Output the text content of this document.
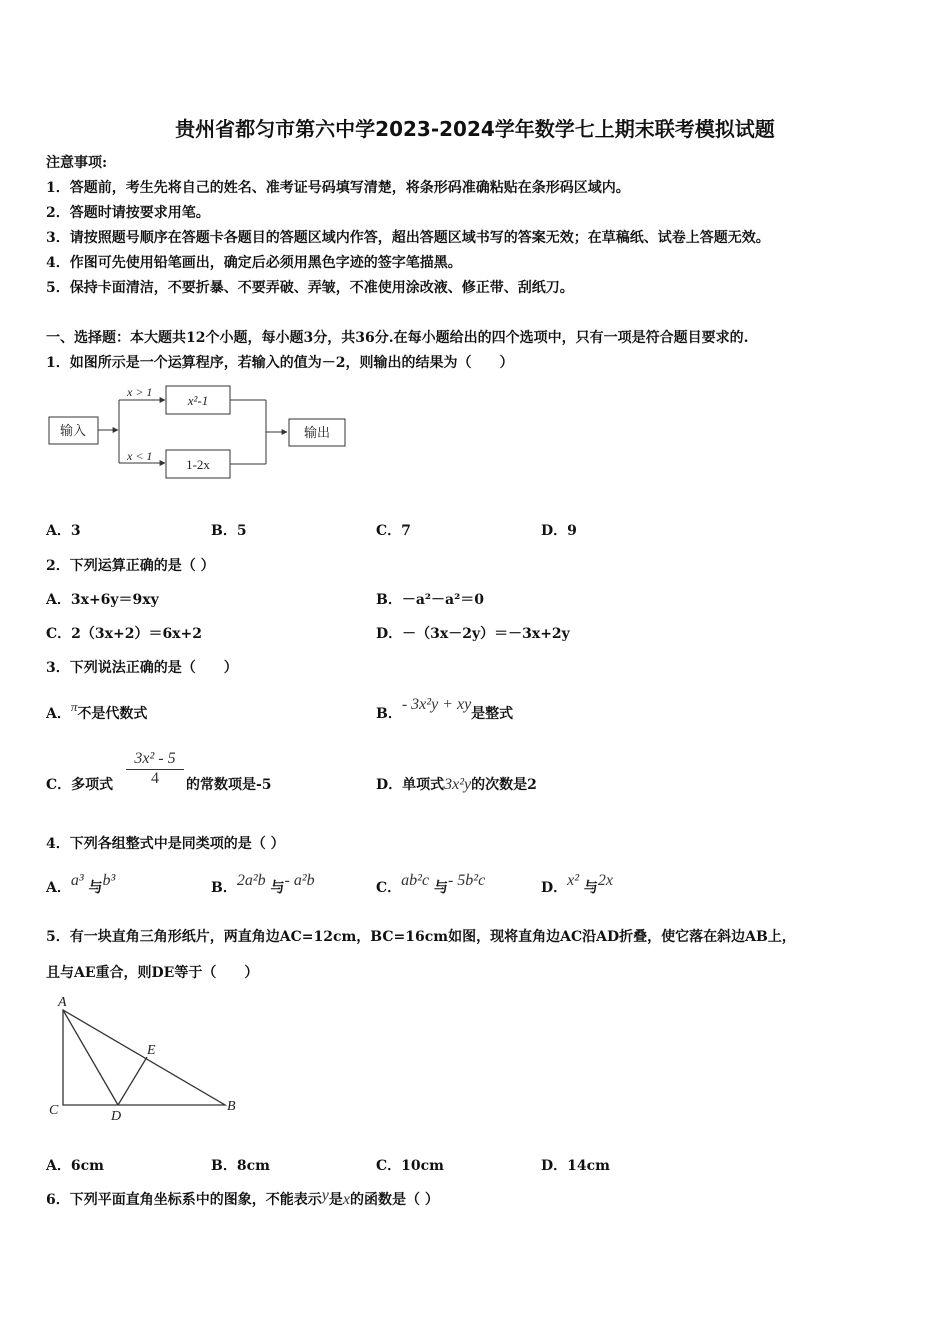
贵州省都匀市第六中学2023-2024学年数学七上期末联考模拟试题
注意事项:
1．答题前，考生先将自己的姓名、准考证号码填写清楚，将条形码准确粘贴在条形码区域内。
2．答题时请按要求用笔。
3．请按照题号顺序在答题卡各题目的答题区域内作答，超出答题区域书写的答案无效；在草稿纸、试卷上答题无效。
4．作图可先使用铅笔画出，确定后必须用黑色字迹的签字笔描黑。
5．保持卡面清洁，不要折暴、不要弄破、弄皱，不准使用涂改液、修正带、刮纸刀。
一、选择题：本大题共12个小题，每小题3分，共36分.在每小题给出的四个选项中，只有一项是符合题目要求的.
1．如图所示是一个运算程序，若输入的值为－2，则输出的结果为（　　）
输入
x > 1
x < 1
x²-1
1-2x
输出
A．3	B．5	C．7	D．9
2．下列运算正确的是（ ）
A．3x+6y＝9xy	B．－a²－a²＝0
C．2（3x+2）＝6x+2	D．－（3x－2y）＝－3x+2y
3．下列说法正确的是（　　）
A．π不是代数式	B．- 3x²y + xy是整式
C．多项式 $\frac{\text{3x² - 5}}{4}$ 的常数项是-5	D．单项式3x²y的次数是2
4．下列各组整式中是同类项的是（ ）
A．a³ 与b³	B．2a²b 与- a²b	C．ab²c 与- 5b²c	D．x² 与2x
5．有一块直角三角形纸片，两直角边AC=12cm，BC=16cm如图，现将直角边AC沿AD折叠，使它落在斜边AB上，
且与AE重合，则DE等于（　　）
A
C	D
E
B
A．6cm	B．8cm	C．10cm	D．14cm
6．下列平面直角坐标系中的图象，不能表示y是x的函数是（ ）
